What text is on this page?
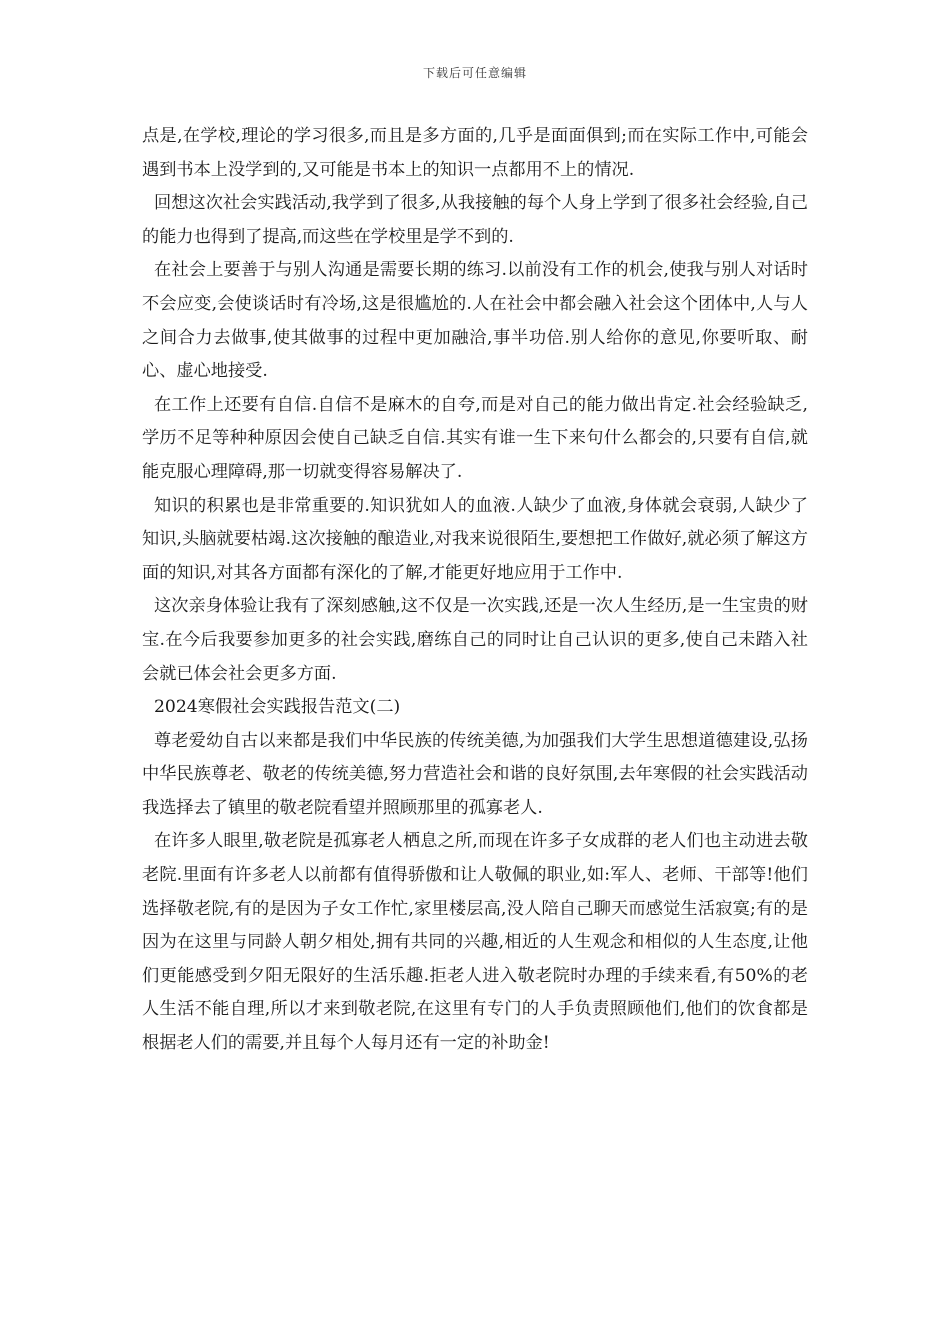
下载后可任意编辑

点是,在学校,理论的学习很多,而且是多方面的,几乎是面面俱到;而在实际工作中,可能会遇到书本上没学到的,又可能是书本上的知识一点都用不上的情况.

回想这次社会实践活动,我学到了很多,从我接触的每个人身上学到了很多社会经验,自己的能力也得到了提高,而这些在学校里是学不到的.

在社会上要善于与别人沟通是需要长期的练习.以前没有工作的机会,使我与别人对话时不会应变,会使谈话时有冷场,这是很尴尬的.人在社会中都会融入社会这个团体中,人与人之间合力去做事,使其做事的过程中更加融洽,事半功倍.别人给你的意见,你要听取、耐心、虚心地接受.

在工作上还要有自信.自信不是麻木的自夸,而是对自己的能力做出肯定.社会经验缺乏,学历不足等种种原因会使自己缺乏自信.其实有谁一生下来句什么都会的,只要有自信,就能克服心理障碍,那一切就变得容易解决了.

知识的积累也是非常重要的.知识犹如人的血液.人缺少了血液,身体就会衰弱,人缺少了知识,头脑就要枯竭.这次接触的酿造业,对我来说很陌生,要想把工作做好,就必须了解这方面的知识,对其各方面都有深化的了解,才能更好地应用于工作中.

这次亲身体验让我有了深刻感触,这不仅是一次实践,还是一次人生经历,是一生宝贵的财宝.在今后我要参加更多的社会实践,磨练自己的同时让自己认识的更多,使自己未踏入社会就已体会社会更多方面.

2024寒假社会实践报告范文(二)

尊老爱幼自古以来都是我们中华民族的传统美德,为加强我们大学生思想道德建设,弘扬中华民族尊老、敬老的传统美德,努力营造社会和谐的良好氛围,去年寒假的社会实践活动我选择去了镇里的敬老院看望并照顾那里的孤寡老人.

在许多人眼里,敬老院是孤寡老人栖息之所,而现在许多子女成群的老人们也主动进去敬老院.里面有许多老人以前都有值得骄傲和让人敬佩的职业,如:军人、老师、干部等!他们选择敬老院,有的是因为子女工作忙,家里楼层高,没人陪自己聊天而感觉生活寂寞;有的是因为在这里与同龄人朝夕相处,拥有共同的兴趣,相近的人生观念和相似的人生态度,让他们更能感受到夕阳无限好的生活乐趣.拒老人进入敬老院时办理的手续来看,有50%的老人生活不能自理,所以才来到敬老院,在这里有专门的人手负责照顾他们,他们的饮食都是根据老人们的需要,并且每个人每月还有一定的补助金!
